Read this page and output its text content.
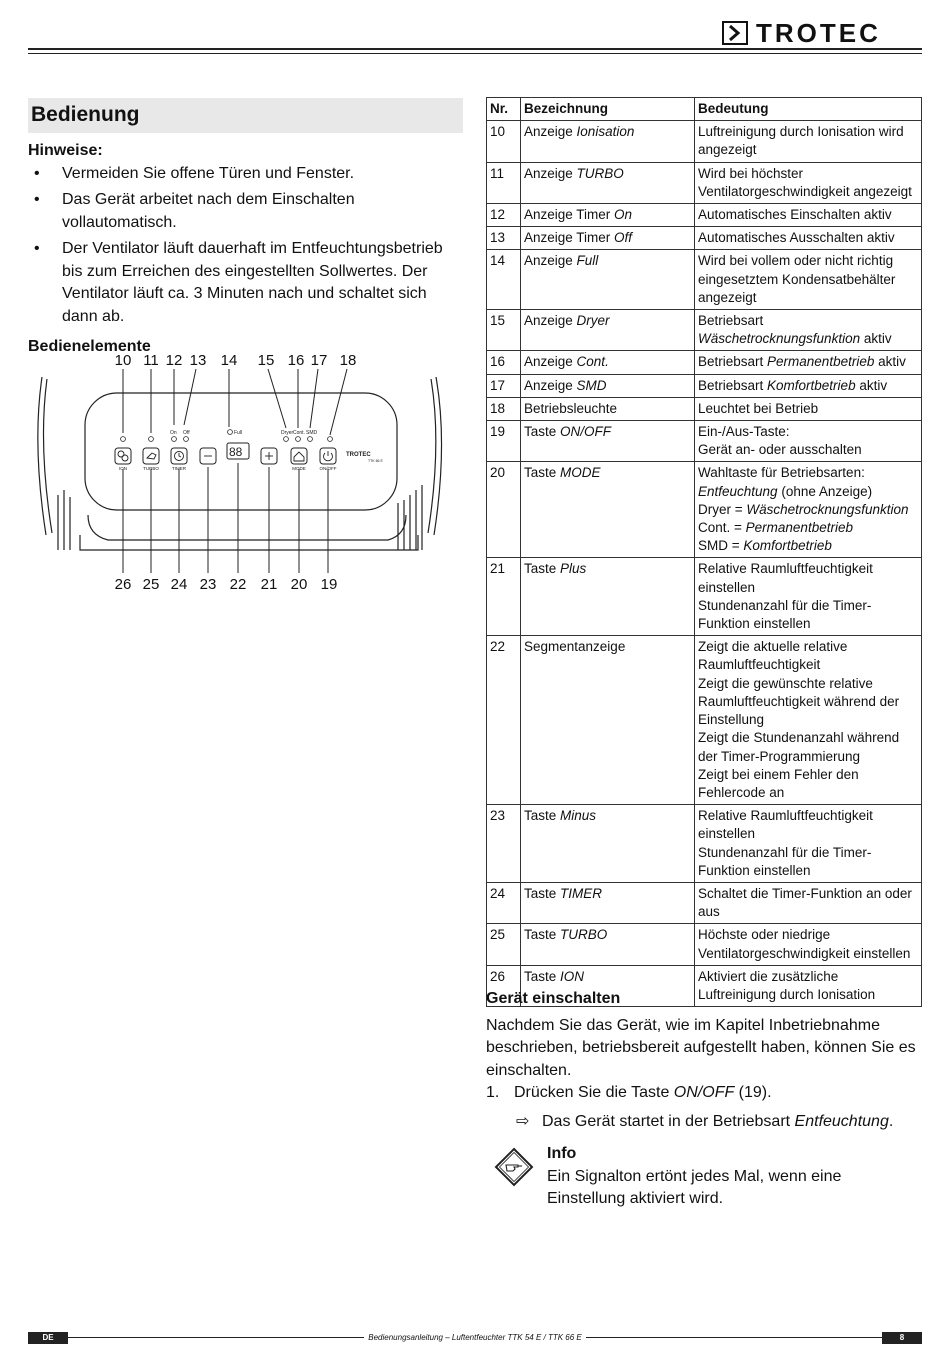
TROTEC
Bedienung

Hinweise:

• Vermeiden Sie offene Türen und Fenster.
• Das Gerät arbeitet nach dem Einschalten vollautomatisch.
• Der Ventilator läuft dauerhaft im Entfeuchtungsbetrieb bis zum Erreichen des eingestellten Sollwertes. Der Ventilator läuft ca. 3 Minuten nach und schaltet sich dann ab.
Bedienelemente
On Off	Full	Dryer Cont. SMD
88
ION	TURBO	TIMER	MODE	ON/OFF
TROTEC
TTK 66 E
10 11 12 13 14 15 16 17 18
26 25 24 23 22 21 20 19
Nr.	Bezeichnung	Bedeutung
10	Anzeige Ionisation	Luftreinigung durch Ionisation wird angezeigt
11	Anzeige TURBO	Wird bei höchster Ventilatorgeschwindigkeit angezeigt
12	Anzeige Timer On	Automatisches Einschalten aktiv
13	Anzeige Timer Off	Automatisches Ausschalten aktiv
14	Anzeige Full	Wird bei vollem oder nicht richtig eingesetztem Kondensatbehälter angezeigt
15	Anzeige Dryer	Betriebsart Wäschetrocknungsfunktion aktiv
16	Anzeige Cont.	Betriebsart Permanentbetrieb aktiv
17	Anzeige SMD	Betriebsart Komfortbetrieb aktiv
18	Betriebsleuchte	Leuchtet bei Betrieb
19	Taste ON/OFF	Ein-/Aus-Taste:
Gerät an- oder ausschalten
20	Taste MODE	Wahltaste für Betriebsarten:
Entfeuchtung (ohne Anzeige)
Dryer = Wäschetrocknungsfunktion
Cont. = Permanentbetrieb
SMD = Komfortbetrieb
21	Taste Plus	Relative Raumluftfeuchtigkeit einstellen
Stundenanzahl für die Timer-Funktion einstellen
22	Segmentanzeige	Zeigt die aktuelle relative Raumluftfeuchtigkeit
Zeigt die gewünschte relative Raumluftfeuchtigkeit während der Einstellung
Zeigt die Stundenanzahl während der Timer-Programmierung
Zeigt bei einem Fehler den Fehlercode an
23	Taste Minus	Relative Raumluftfeuchtigkeit einstellen
Stundenanzahl für die Timer-Funktion einstellen
24	Taste TIMER	Schaltet die Timer-Funktion an oder aus
25	Taste TURBO	Höchste oder niedrige Ventilatorgeschwindigkeit einstellen
26	Taste ION	Aktiviert die zusätzliche Luftreinigung durch Ionisation

Gerät einschalten

Nachdem Sie das Gerät, wie im Kapitel Inbetriebnahme beschrieben, betriebsbereit aufgestellt haben, können Sie es einschalten.

1. Drücken Sie die Taste ON/OFF (19).
⇨ Das Gerät startet in der Betriebsart Entfeuchtung.
Info
Ein Signalton ertönt jedes Mal, wenn eine Einstellung aktiviert wird.
Bedienungsanleitung – Luftentfeuchter TTK 54 E / TTK 66 E
DE	8
